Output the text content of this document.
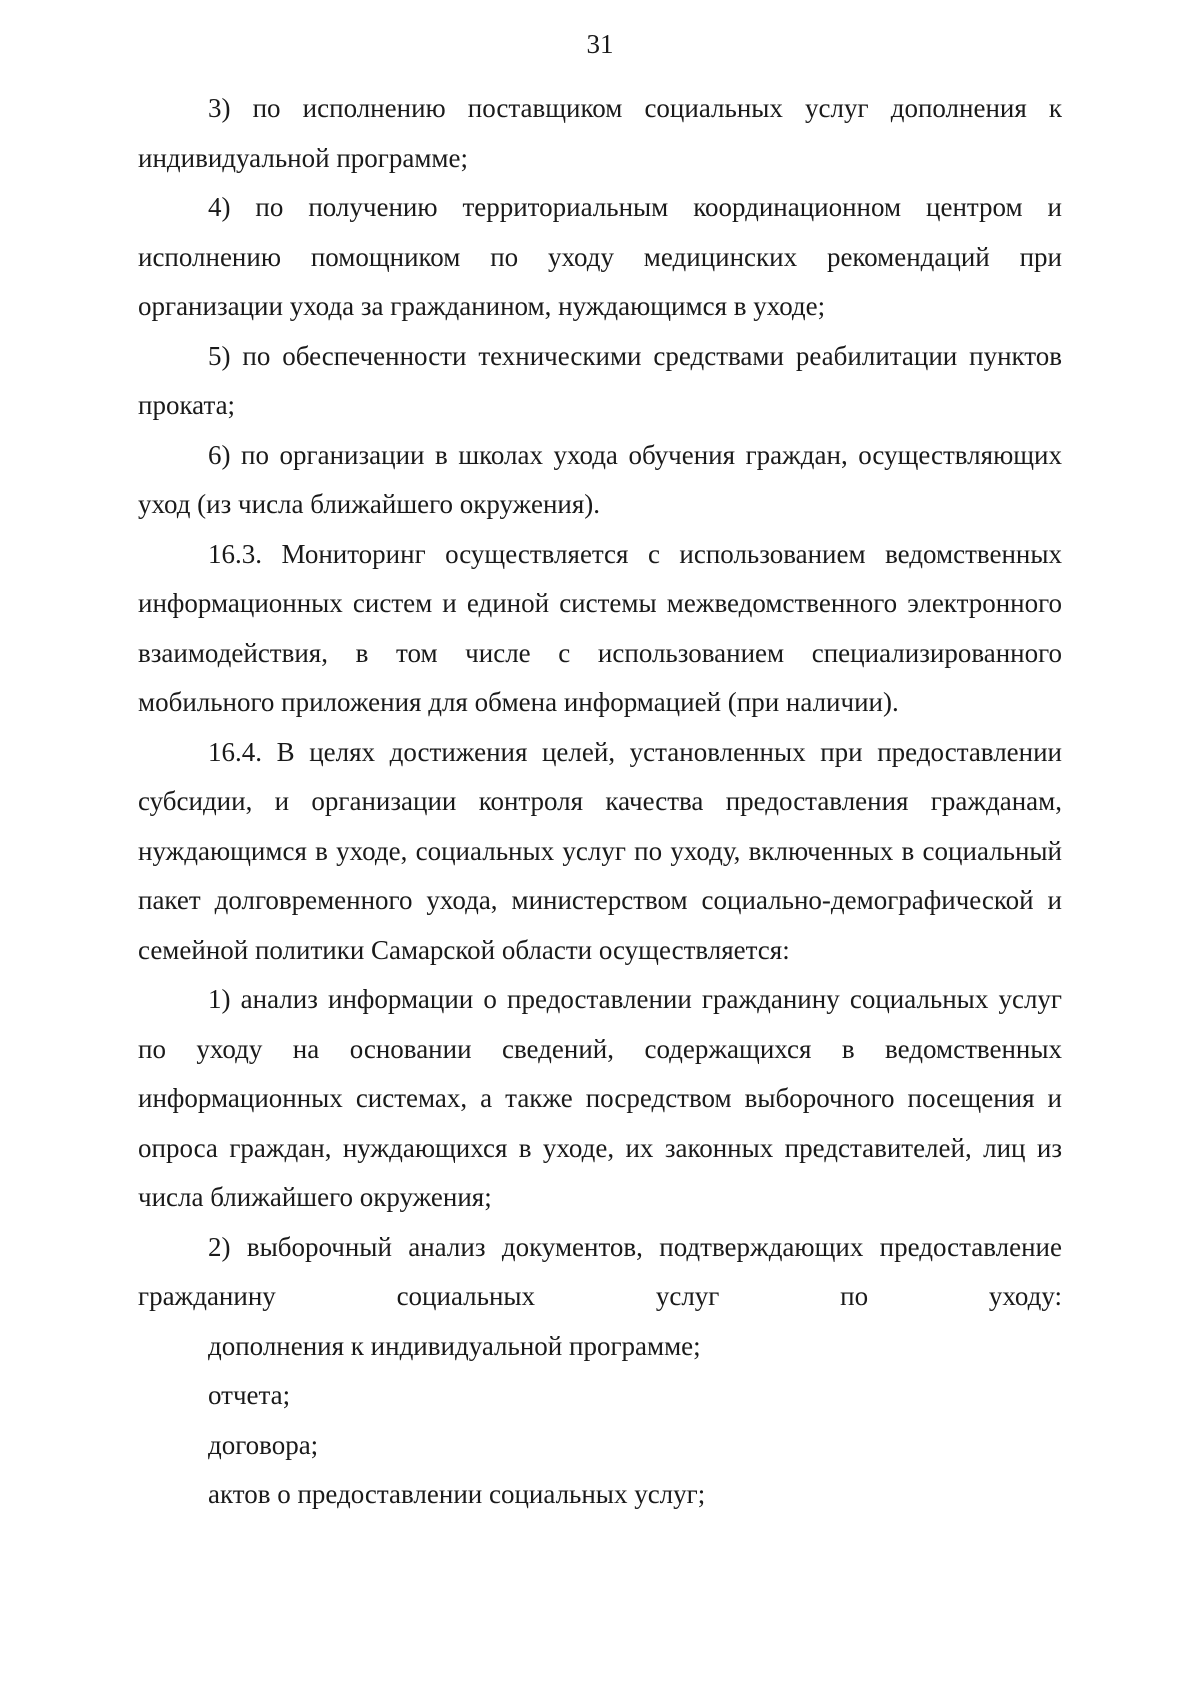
31

3) по исполнению поставщиком социальных услуг дополнения к индивидуальной программе;

4) по получению территориальным координационном центром и исполнению помощником по уходу медицинских рекомендаций при организации ухода за гражданином, нуждающимся в уходе;

5) по обеспеченности техническими средствами реабилитации пунктов проката;

6) по организации в школах ухода обучения граждан, осуществляющих уход (из числа ближайшего окружения).

16.3. Мониторинг осуществляется с использованием ведомственных информационных систем и единой системы межведомственного электронного взаимодействия, в том числе с использованием специализированного мобильного приложения для обмена информацией (при наличии).

16.4. В целях достижения целей, установленных при предоставлении субсидии, и организации контроля качества предоставления гражданам, нуждающимся в уходе, социальных услуг по уходу, включенных в социальный пакет долговременного ухода, министерством социально-демографической и семейной политики Самарской области осуществляется:

1) анализ информации о предоставлении гражданину социальных услуг по уходу на основании сведений, содержащихся в ведомственных информационных системах, а также посредством выборочного посещения и опроса граждан, нуждающихся в уходе, их законных представителей, лиц из числа ближайшего окружения;

2) выборочный анализ документов, подтверждающих предоставление гражданину социальных услуг по уходу:

дополнения к индивидуальной программе;

отчета;

договора;

актов о предоставлении социальных услуг;
